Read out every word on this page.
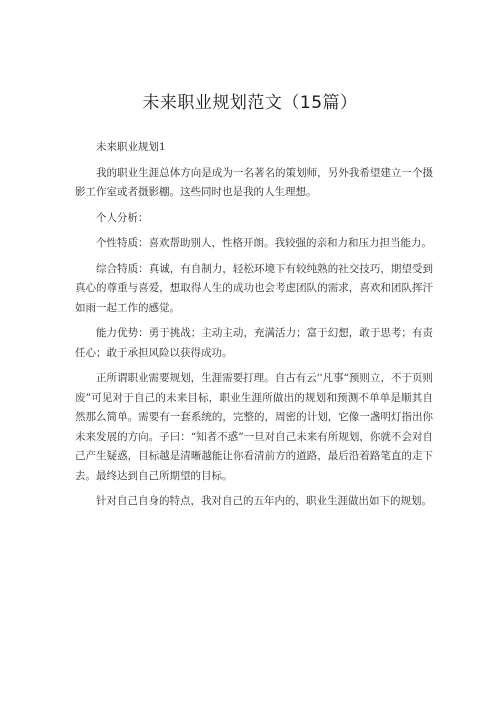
未来职业规划范文（15篇）

未来职业规划1

我的职业生涯总体方向是成为一名著名的策划师，另外我希望建立一个摄影工作室或者摄影棚。这些同时也是我的人生理想。

个人分析：

个性特质：喜欢帮助别人，性格开朗。我较强的亲和力和压力担当能力。

综合特质：真诚，有自制力，轻松环境下有较纯熟的社交技巧，期望受到真心的尊重与喜爱，想取得人生的成功也会考虑团队的需求，喜欢和团队挥汗如雨一起工作的感觉。

能力优势：勇于挑战；主动主动，充满活力；富于幻想，敢于思考；有责任心；敢于承担风险以获得成功。

正所谓职业需要规划，生涯需要打理。自古有云''凡事“预则立，不于页则废”可见对于自己的未来目标，职业生涯所做出的规划和预测不单单是顺其自然那么简单。需要有一套系统的，完整的，周密的计划，它像一盏明灯指出你未来发展的方向。子曰：“知者不惑”一旦对自己未来有所规划，你就不会对自己产生疑惑，目标越是清晰越能让你看清前方的道路，最后沿着路笔直的走下去。最终达到自己所期望的目标。

针对自己自身的特点，我对自己的五年内的，职业生涯做出如下的规划。
